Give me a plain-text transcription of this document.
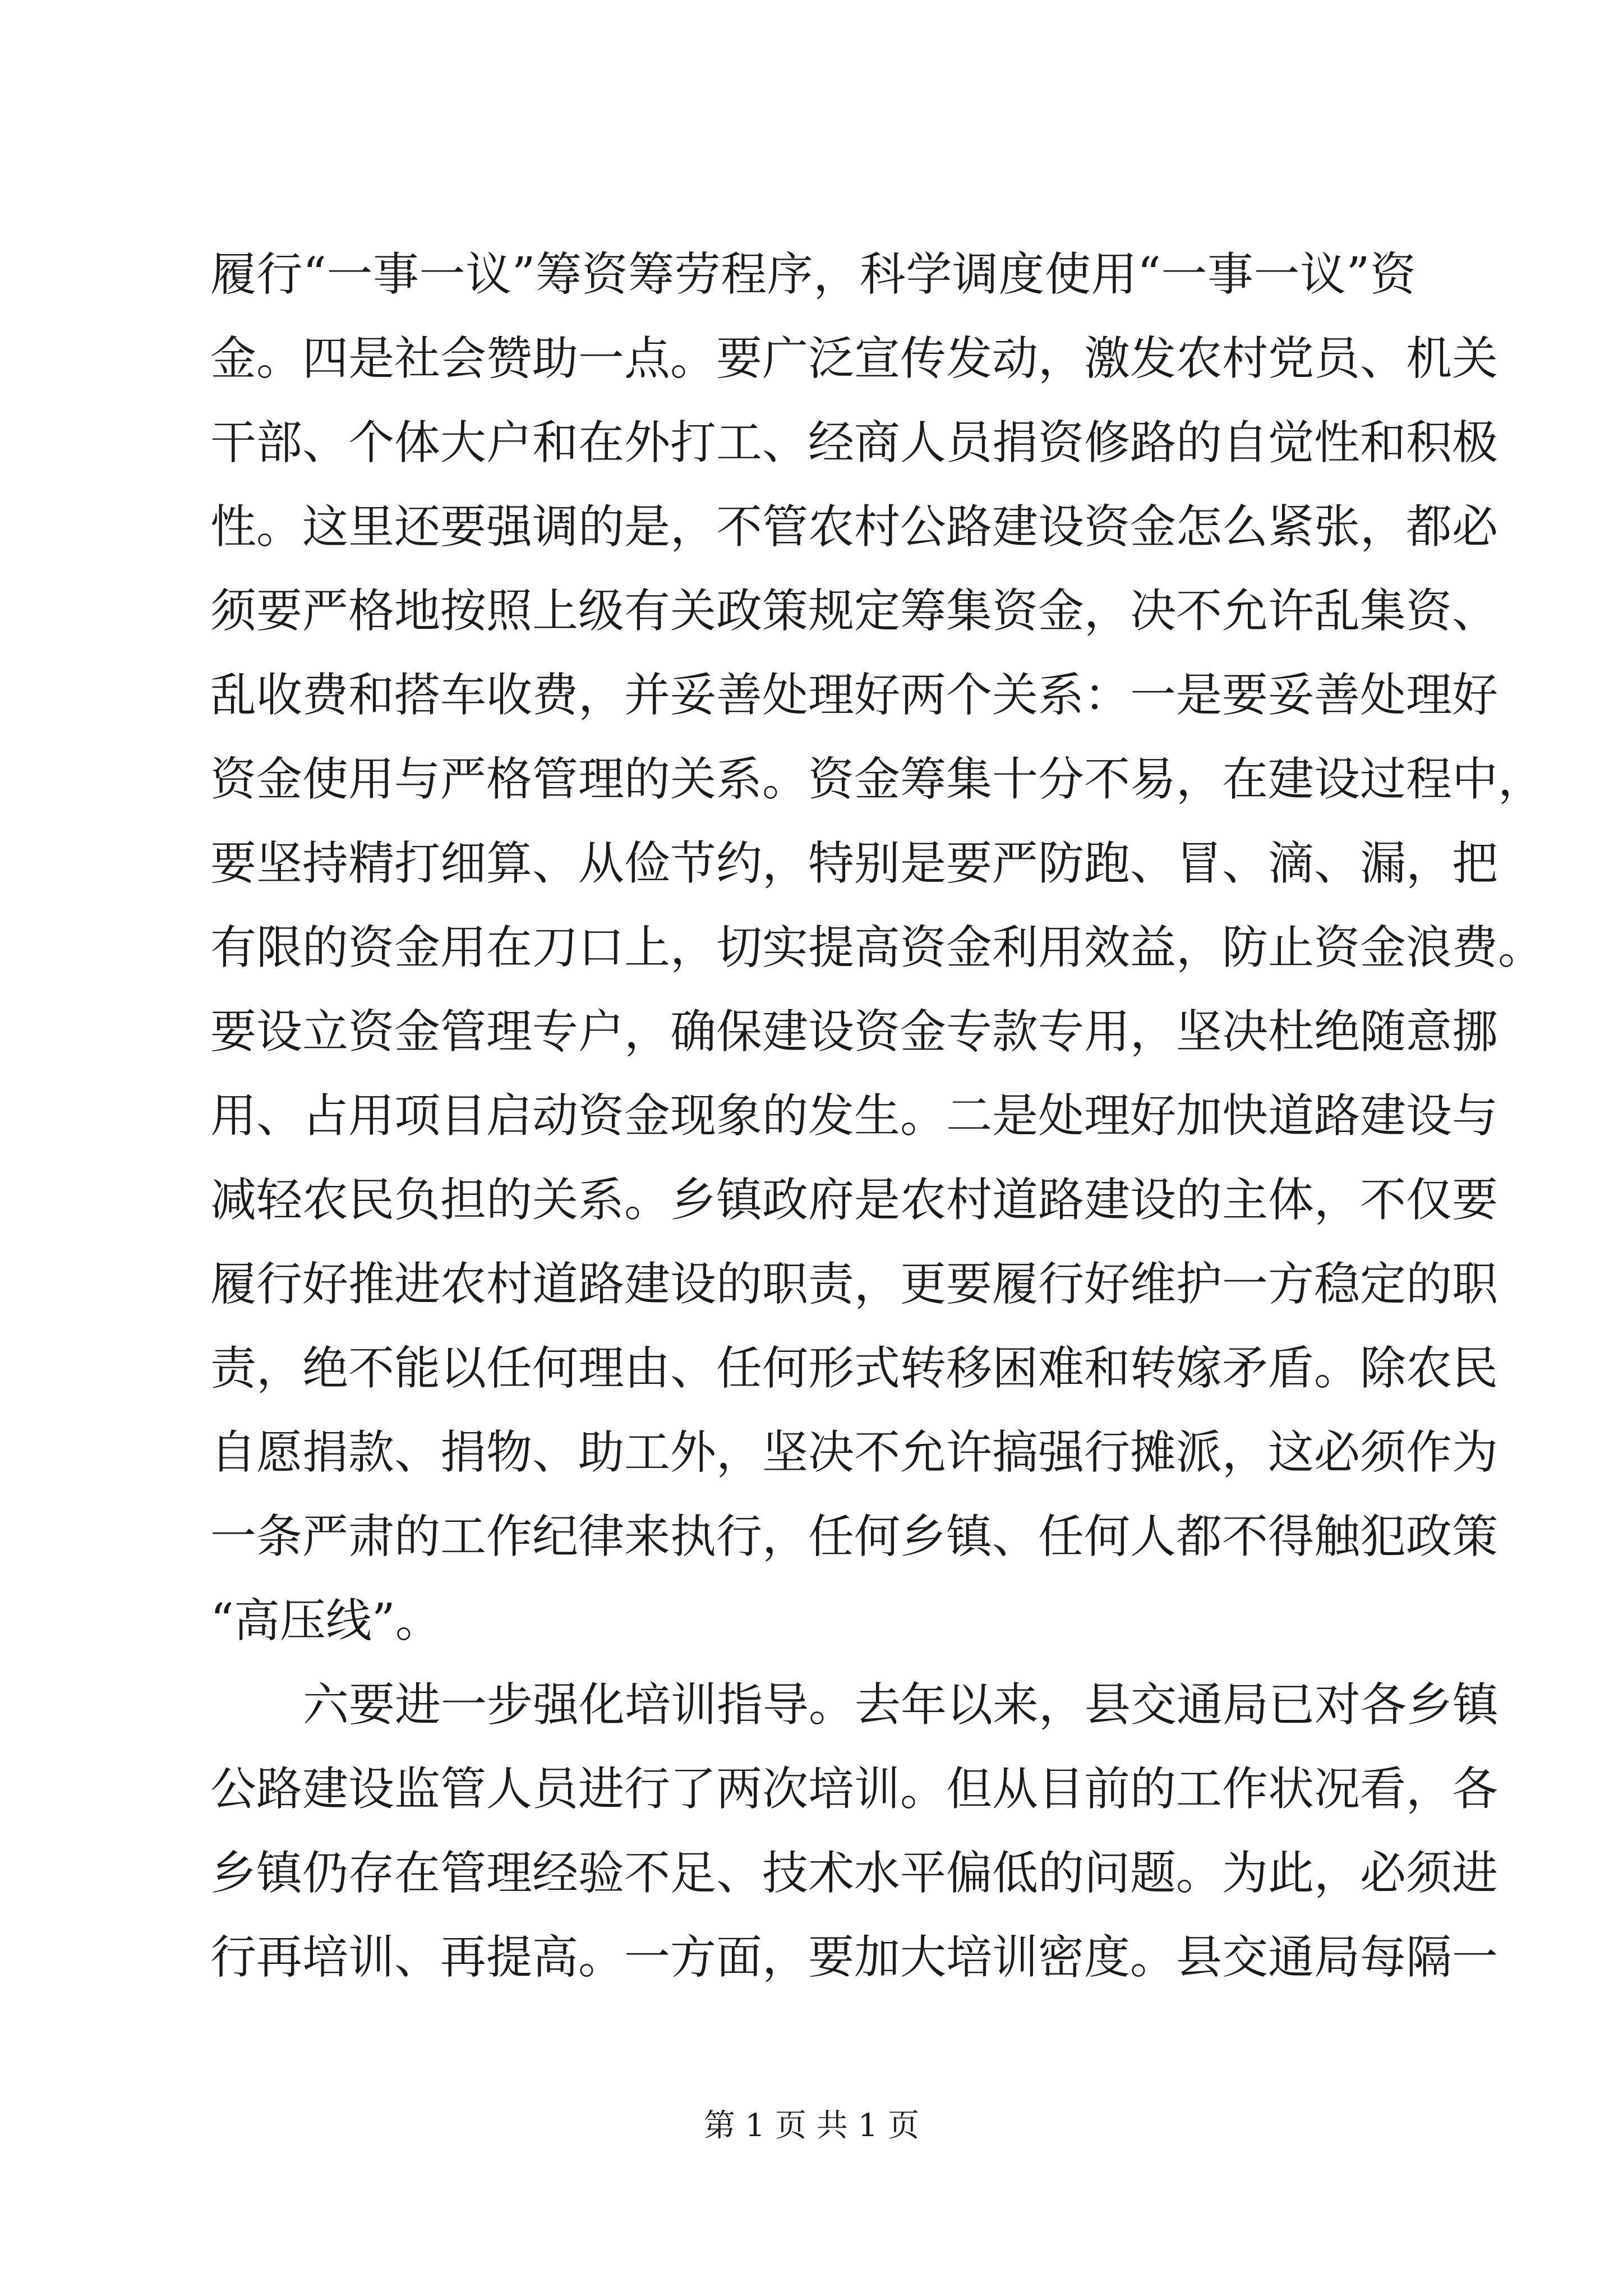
履行“一事一议”筹资筹劳程序，科学调度使用“一事一议”资
金。四是社会赞助一点。要广泛宣传发动，激发农村党员、机关
干部、个体大户和在外打工、经商人员捐资修路的自觉性和积极
性。这里还要强调的是，不管农村公路建设资金怎么紧张，都必
须要严格地按照上级有关政策规定筹集资金，决不允许乱集资、
乱收费和搭车收费，并妥善处理好两个关系：一是要妥善处理好
资金使用与严格管理的关系。资金筹集十分不易，在建设过程中，
要坚持精打细算、从俭节约，特别是要严防跑、冒、滴、漏，把
有限的资金用在刀口上，切实提高资金利用效益，防止资金浪费。
要设立资金管理专户，确保建设资金专款专用，坚决杜绝随意挪
用、占用项目启动资金现象的发生。二是处理好加快道路建设与
减轻农民负担的关系。乡镇政府是农村道路建设的主体，不仅要
履行好推进农村道路建设的职责，更要履行好维护一方稳定的职
责，绝不能以任何理由、任何形式转移困难和转嫁矛盾。除农民
自愿捐款、捐物、助工外，坚决不允许搞强行摊派，这必须作为
一条严肃的工作纪律来执行，任何乡镇、任何人都不得触犯政策
“高压线”。
六要进一步强化培训指导。去年以来，县交通局已对各乡镇
公路建设监管人员进行了两次培训。但从目前的工作状况看，各
乡镇仍存在管理经验不足、技术水平偏低的问题。为此，必须进
行再培训、再提高。一方面，要加大培训密度。县交通局每隔一
第 1 页 共 1 页
